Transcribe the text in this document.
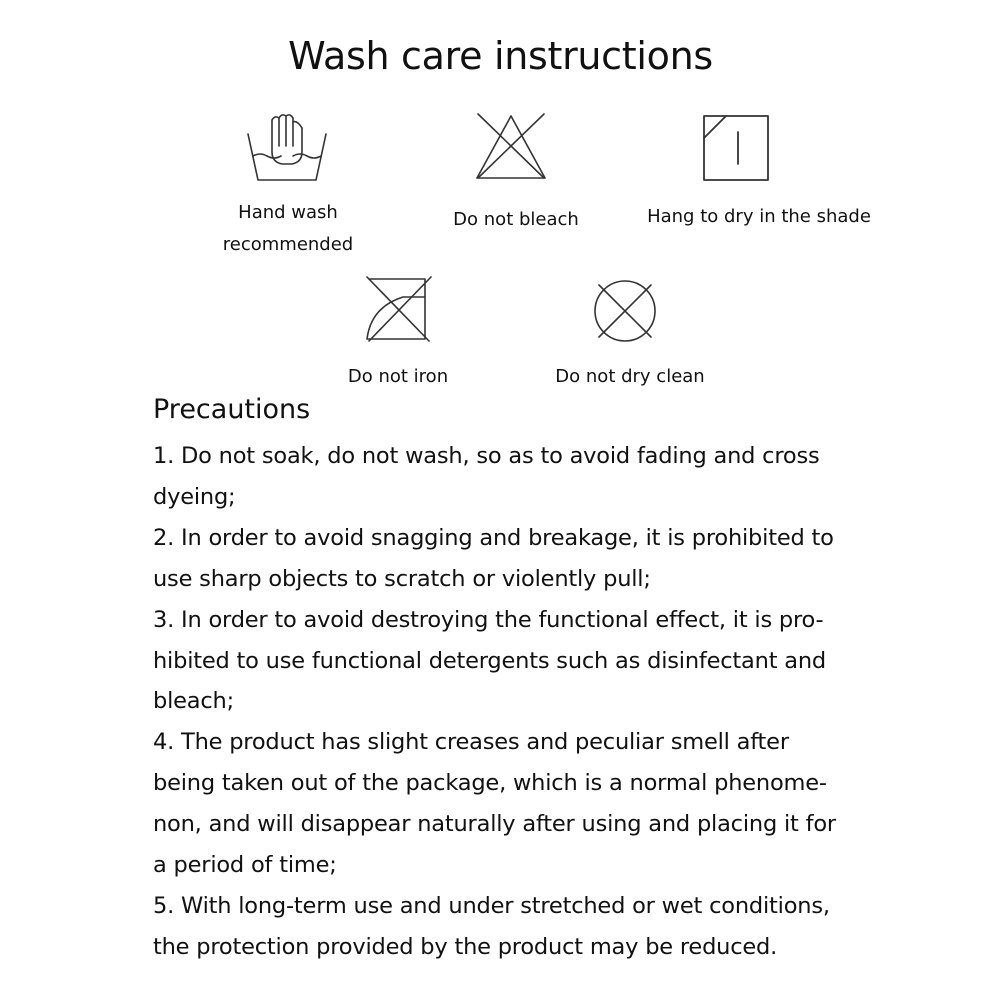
Wash care instructions

Hand wash
recommended

Do not bleach	Hang to dry in the shade

Do not iron	Do not dry clean

Precautions
1. Do not soak, do not wash, so as to avoid fading and cross
dyeing;
2. In order to avoid snagging and breakage, it is prohibited to
use sharp objects to scratch or violently pull;
3. In order to avoid destroying the functional effect, it is pro-
hibited to use functional detergents such as disinfectant and
bleach;
4. The product has slight creases and peculiar smell after
being taken out of the package, which is a normal phenome-
non, and will disappear naturally after using and placing it for
a period of time;
5. With long-term use and under stretched or wet conditions,
the protection provided by the product may be reduced.
